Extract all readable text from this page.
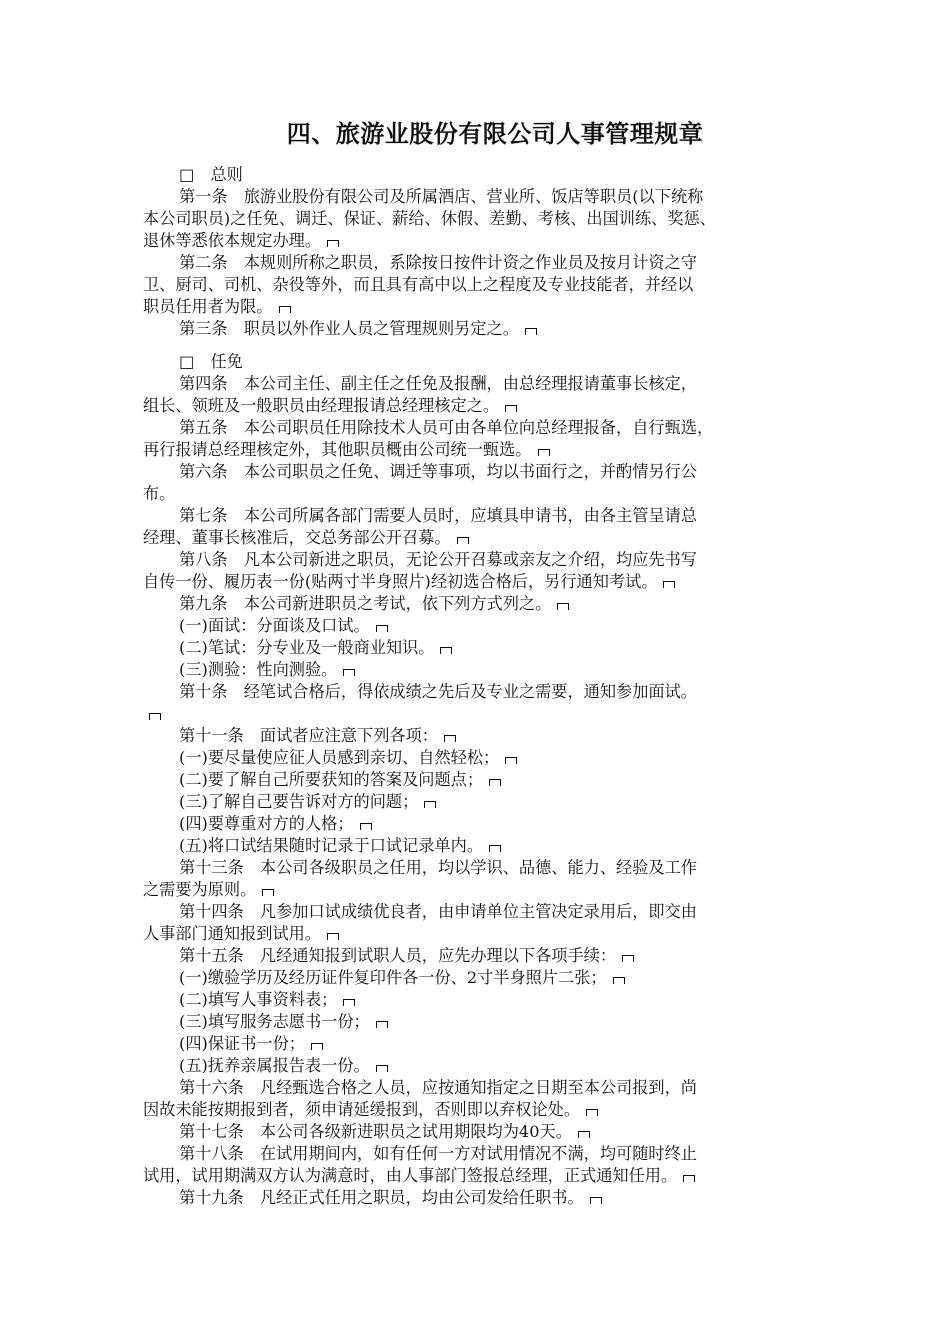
四、旅游业股份有限公司人事管理规章
□　总则
第一条　旅游业股份有限公司及所属酒店、营业所、饭店等职员(以下统称
本公司职员)之任免、调迁、保证、薪给、休假、差勤、考核、出国训练、奖惩、
退休等悉依本规定办理。
第二条　本规则所称之职员，系除按日按件计资之作业员及按月计资之守
卫、厨司、司机、杂役等外，而且具有高中以上之程度及专业技能者，并经以
职员任用者为限。
第三条　职员以外作业人员之管理规则另定之。
□　任免
第四条　本公司主任、副主任之任免及报酬，由总经理报请董事长核定，
组长、领班及一般职员由经理报请总经理核定之。
第五条　本公司职员任用除技术人员可由各单位向总经理报备，自行甄选，
再行报请总经理核定外，其他职员概由公司统一甄选。
第六条　本公司职员之任免、调迁等事项，均以书面行之，并酌情另行公
布。
第七条　本公司所属各部门需要人员时，应填具申请书，由各主管呈请总
经理、董事长核准后，交总务部公开召募。
第八条　凡本公司新进之职员，无论公开召募或亲友之介绍，均应先书写
自传一份、履历表一份(贴两寸半身照片)经初选合格后，另行通知考试。
第九条　本公司新进职员之考试，依下列方式列之。
(一)面试：分面谈及口试。
(二)笔试：分专业及一般商业知识。
(三)测验：性向测验。
第十条　经笔试合格后，得依成绩之先后及专业之需要，通知参加面试。
第十一条　面试者应注意下列各项：
(一)要尽量使应征人员感到亲切、自然轻松；
(二)要了解自己所要获知的答案及问题点；
(三)了解自己要告诉对方的问题；
(四)要尊重对方的人格；
(五)将口试结果随时记录于口试记录单内。
第十三条　本公司各级职员之任用，均以学识、品德、能力、经验及工作
之需要为原则。
第十四条　凡参加口试成绩优良者，由申请单位主管决定录用后，即交由
人事部门通知报到试用。
第十五条　凡经通知报到试职人员，应先办理以下各项手续：
(一)缴验学历及经历证件复印件各一份、2寸半身照片二张；
(二)填写人事资料表；
(三)填写服务志愿书一份；
(四)保证书一份；
(五)抚养亲属报告表一份。
第十六条　凡经甄选合格之人员，应按通知指定之日期至本公司报到，尚
因故未能按期报到者，须申请延缓报到，否则即以弃权论处。
第十七条　本公司各级新进职员之试用期限均为40天。
第十八条　在试用期间内，如有任何一方对试用情况不满，均可随时终止
试用，试用期满双方认为满意时，由人事部门签报总经理，正式通知任用。
第十九条　凡经正式任用之职员，均由公司发给任职书。
